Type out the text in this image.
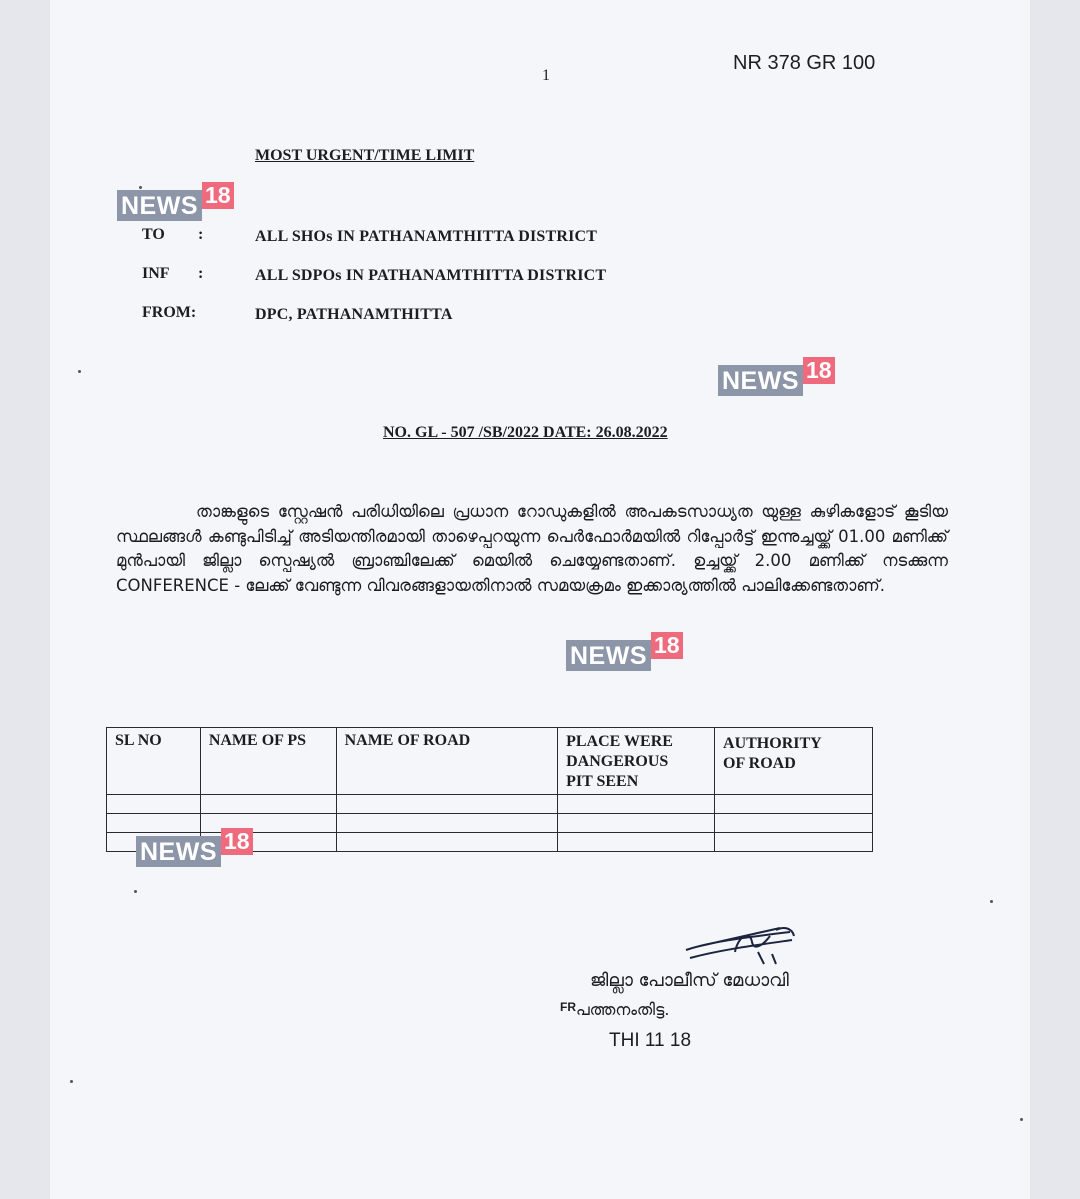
NR 378 GR 100
1
MOST URGENT/TIME LIMIT
TO :	ALL SHOs IN PATHANAMTHITTA DISTRICT
INF :	ALL SDPOs IN PATHANAMTHITTA DISTRICT
FROM:	DPC, PATHANAMTHITTA
NO. GL - 507 /SB/2022 DATE: 26.08.2022
താങ്കളുടെ സ്റ്റേഷൻ പരിധിയിലെ പ്രധാന റോഡുകളിൽ അപകടസാധ്യത യുള്ള കുഴികളോട് കൂടിയ സ്ഥലങ്ങൾ കണ്ടുപിടിച്ച് അടിയന്തിരമായി താഴെപ്പറയുന്ന പെർഫോർമയിൽ റിപ്പോർട്ട് ഇന്നുച്ചയ്ക്ക് 01.00 മണിക്ക് മുൻപായി ജില്ലാ സ്പെഷ്യൽ ബ്രാഞ്ചിലേക്ക് മെയിൽ ചെയ്യേണ്ടതാണ്. ഉച്ചയ്ക്ക് 2.00 മണിക്ക് നടക്കുന്ന CONFERENCE - ലേക്ക് വേണ്ടുന്ന വിവരങ്ങളായതിനാൽ സമയക്രമം ഇക്കാര്യത്തിൽ പാലിക്കേണ്ടതാണ്.
SL NO	NAME OF PS	NAME OF ROAD	PLACE WERE DANGEROUS PIT SEEN	AUTHORITY OF ROAD

NEWS 18
NEWS 18
NEWS 18
NEWS 18
ജില്ലാ പോലീസ് മേധാവി
$^{FR}$പത്തനംതിട്ട.
THI 11 18
